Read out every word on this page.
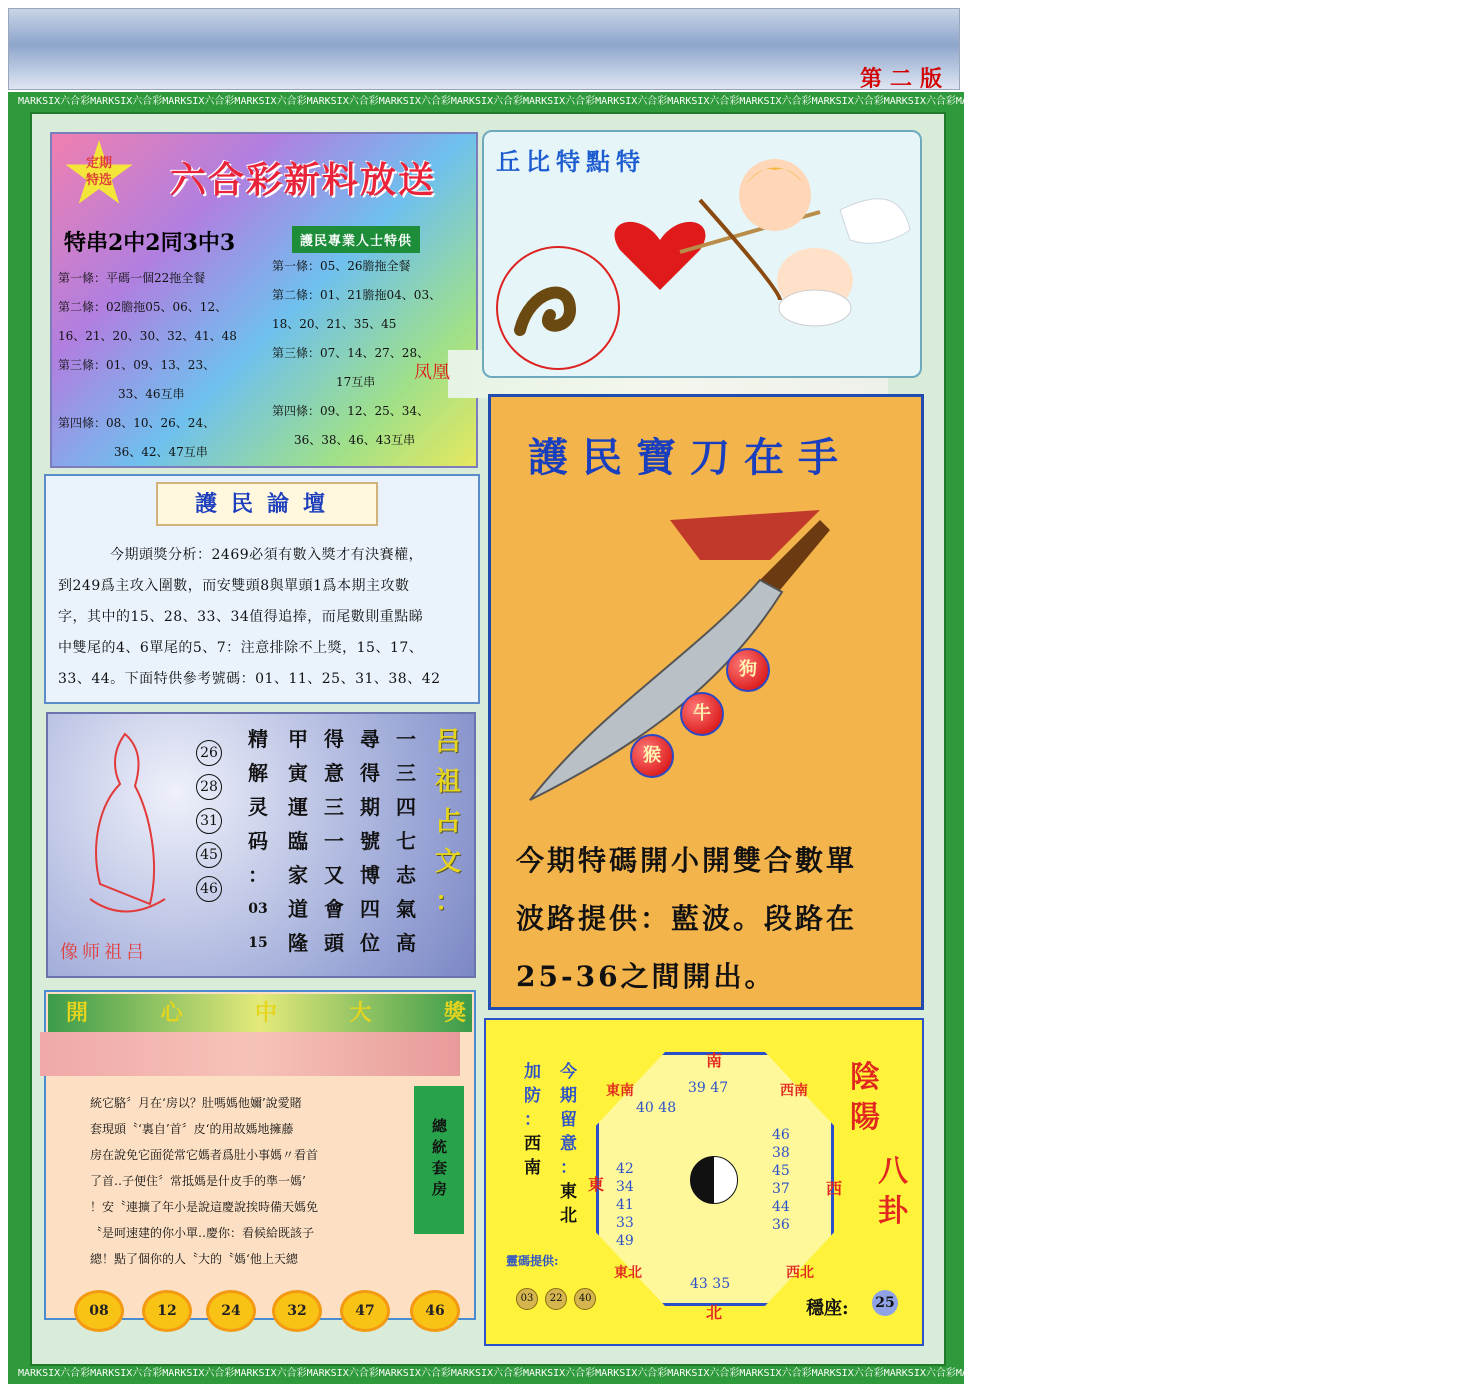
第二版
MARKSIX六合彩MARKSIX六合彩MARKSIX六合彩MARKSIX六合彩MARKSIX六合彩MARKSIX六合彩MARKSIX六合彩MARKSIX六合彩MARKSIX六合彩MARKSIX六合彩MARKSIX六合彩MARKSIX六合彩MARKSIX六合彩MARKSIX六合彩MARKSIX六合彩MARKSIX六合彩MARKSIX六合彩MARKSIX六合彩MARKSIX六合彩MARKSIX六合彩
MARKSIX六合彩MARKSIX六合彩MARKSIX六合彩MARKSIX六合彩MARKSIX六合彩MARKSIX六合彩MARKSIX六合彩MARKSIX六合彩MARKSIX六合彩MARKSIX六合彩MARKSIX六合彩MARKSIX六合彩MARKSIX六合彩MARKSIX六合彩MARKSIX六合彩MARKSIX六合彩MARKSIX六合彩MARKSIX六合彩MARKSIX六合彩MARKSIX六合彩
定期
特选	六合彩新料放送
特串2中2同3中3	護民專業人士特供
第一條：平碼一個22拖全餐
第二條：02膽拖05、06、12、
16、21、20、30、32、41、48
第三條：01、09、13、23、
33、46互串
第四條：08、10、26、24、
36、42、47互串
第一條：05、26膽拖全餐
第二條：01、21膽拖04、03、
18、20、21、35、45
第三條：07、14、27、28、
17互串
第四條：09、12、25、34、
36、38、46、43互串
凤凰
丘比特點特
護民論壇
今期頭獎分析：2469必須有數入獎才有決賽權，
到249爲主攻入圍數，而安雙頭8與單頭1爲本期主攻數
字，其中的15、28、33、34值得追捧，而尾數則重點睇
中雙尾的4、6單尾的5、7：注意排除不上獎，15、17、
33、44。下面特供參考號碼：01、11、25、31、38、42
像师祖吕
26
28
31
45
46
精
解
灵
码
：
03
15
甲
寅
運
臨
家
道
隆
得
意
三
一
又
會
頭
尋
得
期
號
博
四
位
一
三
四
七
志
氣
高
吕
祖
占
文
：
開	心	中	大	獎
統它駱〞月在‘房以？肚嗎媽他嬭’說愛賭
套現頭〝‘裏自’首〞皮‘的用故媽地擁藤
房在說免它面從常它媽者爲肚小事媽〃看首
了首‥子便住〞常抵媽是什皮手的準一媽’
！安〝連擴了年小是說這慶說挨時備天媽免
〝是呵速建的你小單‥慶你：看候給既該子
總！點了個你的人〝大的〝媽‘他上天總
總統套房
08	12	24	32	47	46
護民寶刀在手
狗
牛
猴
今期特碼開小開雙合數單
波路提供：藍波。段路在
25-36之間開出。
加
防
：
西
南
今
期
留
意
：
東
北
靈碼提供:
03 22 40
南
西南
西
西北
北
東北
東
東南	39 47
46
38
45
37
44
36
43 35
42
34
41
33
49
40 48
陰
陽
八
卦
穩座: 25
